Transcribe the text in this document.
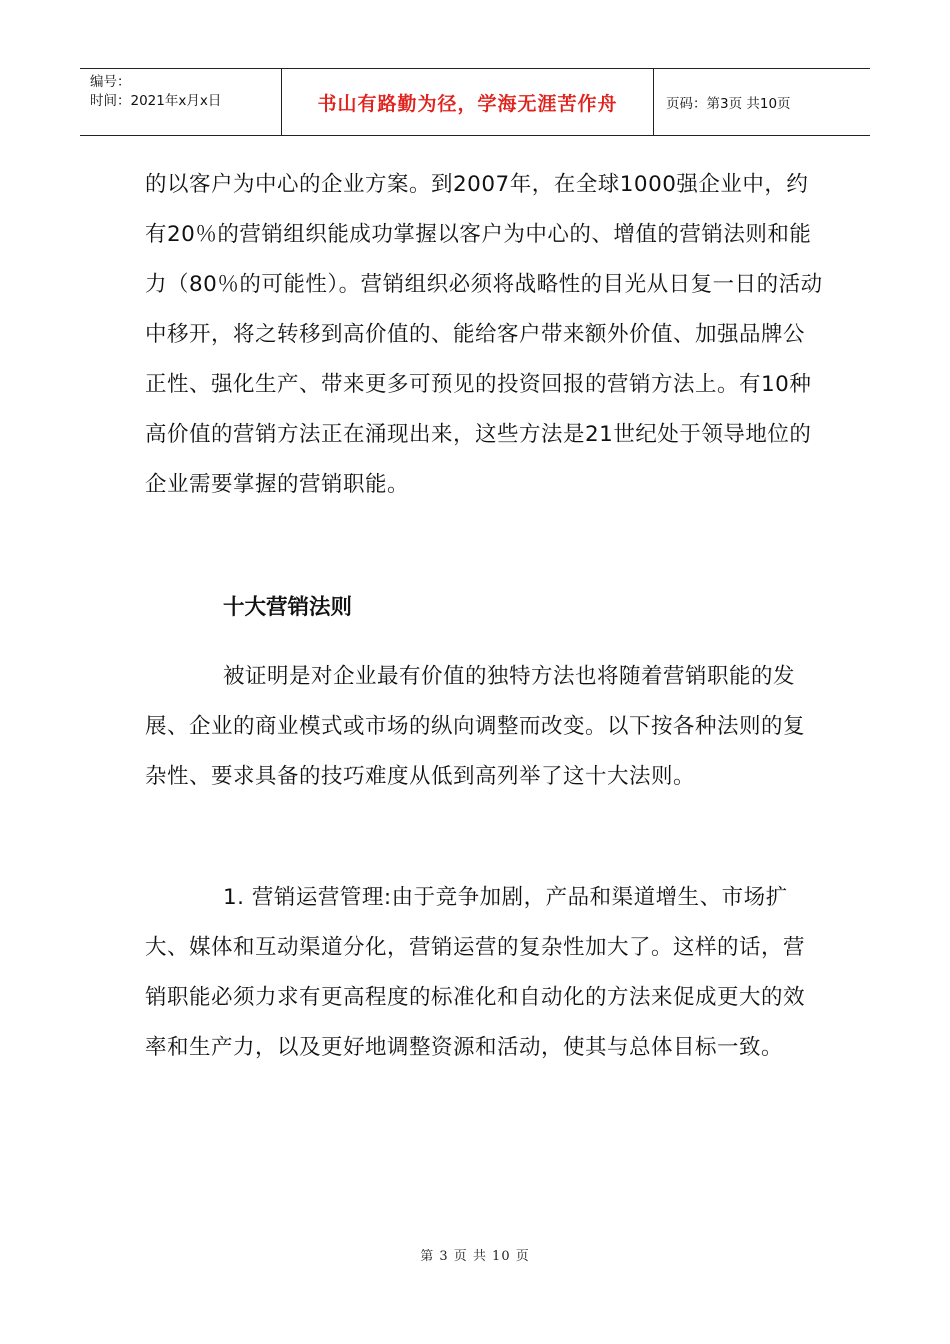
编号：
时间：2021年x月x日	书山有路勤为径，学海无涯苦作舟	页码：第3页 共10页

的以客户为中心的企业方案。到2007年，在全球1000强企业中，约有20％的营销组织能成功掌握以客户为中心的、增值的营销法则和能力（80％的可能性）。营销组织必须将战略性的目光从日复一日的活动中移开，将之转移到高价值的、能给客户带来额外价值、加强品牌公正性、强化生产、带来更多可预见的投资回报的营销方法上。有10种高价值的营销方法正在涌现出来，这些方法是21世纪处于领导地位的企业需要掌握的营销职能。

十大营销法则

被证明是对企业最有价值的独特方法也将随着营销职能的发展、企业的商业模式或市场的纵向调整而改变。以下按各种法则的复杂性、要求具备的技巧难度从低到高列举了这十大法则。

1. 营销运营管理:由于竞争加剧，产品和渠道增生、市场扩大、媒体和互动渠道分化，营销运营的复杂性加大了。这样的话，营销职能必须力求有更高程度的标准化和自动化的方法来促成更大的效率和生产力，以及更好地调整资源和活动，使其与总体目标一致。

第 3 页 共 10 页
